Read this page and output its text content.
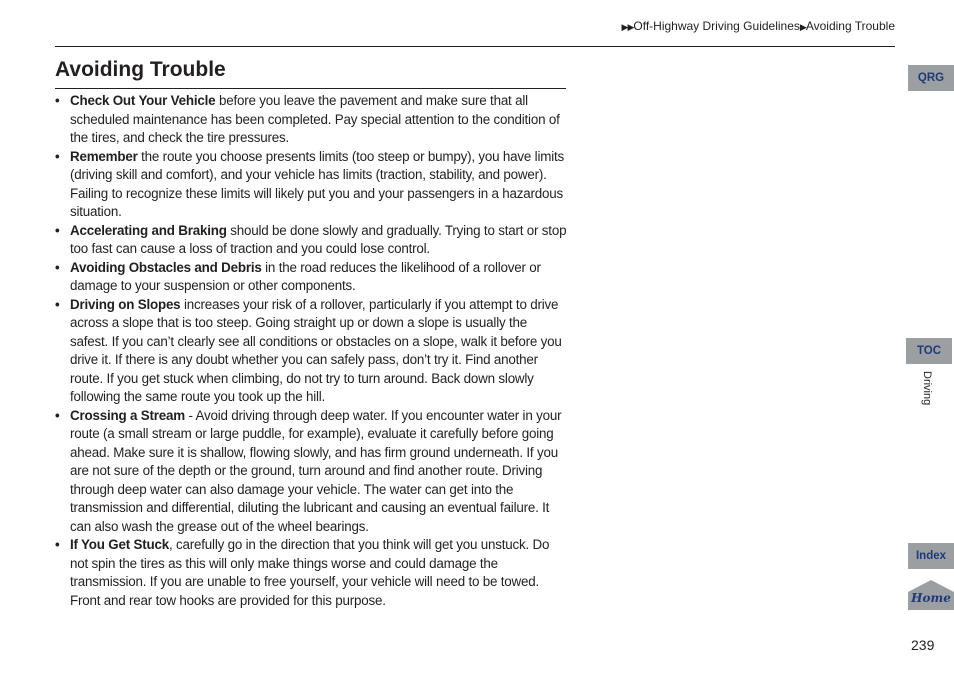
▶▶Off-Highway Driving Guidelines▶Avoiding Trouble
Avoiding Trouble
• Check Out Your Vehicle before you leave the pavement and make sure that all scheduled maintenance has been completed. Pay special attention to the condition of the tires, and check the tire pressures.
• Remember the route you choose presents limits (too steep or bumpy), you have limits (driving skill and comfort), and your vehicle has limits (traction, stability, and power). Failing to recognize these limits will likely put you and your passengers in a hazardous situation.
• Accelerating and Braking should be done slowly and gradually. Trying to start or stop too fast can cause a loss of traction and you could lose control.
• Avoiding Obstacles and Debris in the road reduces the likelihood of a rollover or damage to your suspension or other components.
• Driving on Slopes increases your risk of a rollover, particularly if you attempt to drive across a slope that is too steep. Going straight up or down a slope is usually the safest. If you can’t clearly see all conditions or obstacles on a slope, walk it before you drive it. If there is any doubt whether you can safely pass, don’t try it. Find another route. If you get stuck when climbing, do not try to turn around. Back down slowly following the same route you took up the hill.
• Crossing a Stream - Avoid driving through deep water. If you encounter water in your route (a small stream or large puddle, for example), evaluate it carefully before going ahead. Make sure it is shallow, flowing slowly, and has firm ground underneath. If you are not sure of the depth or the ground, turn around and find another route. Driving through deep water can also damage your vehicle. The water can get into the transmission and differential, diluting the lubricant and causing an eventual failure. It can also wash the grease out of the wheel bearings.
• If You Get Stuck, carefully go in the direction that you think will get you unstuck. Do not spin the tires as this will only make things worse and could damage the transmission. If you are unable to free yourself, your vehicle will need to be towed. Front and rear tow hooks are provided for this purpose.
QRG
TOC
Driving
Index
Home
239
